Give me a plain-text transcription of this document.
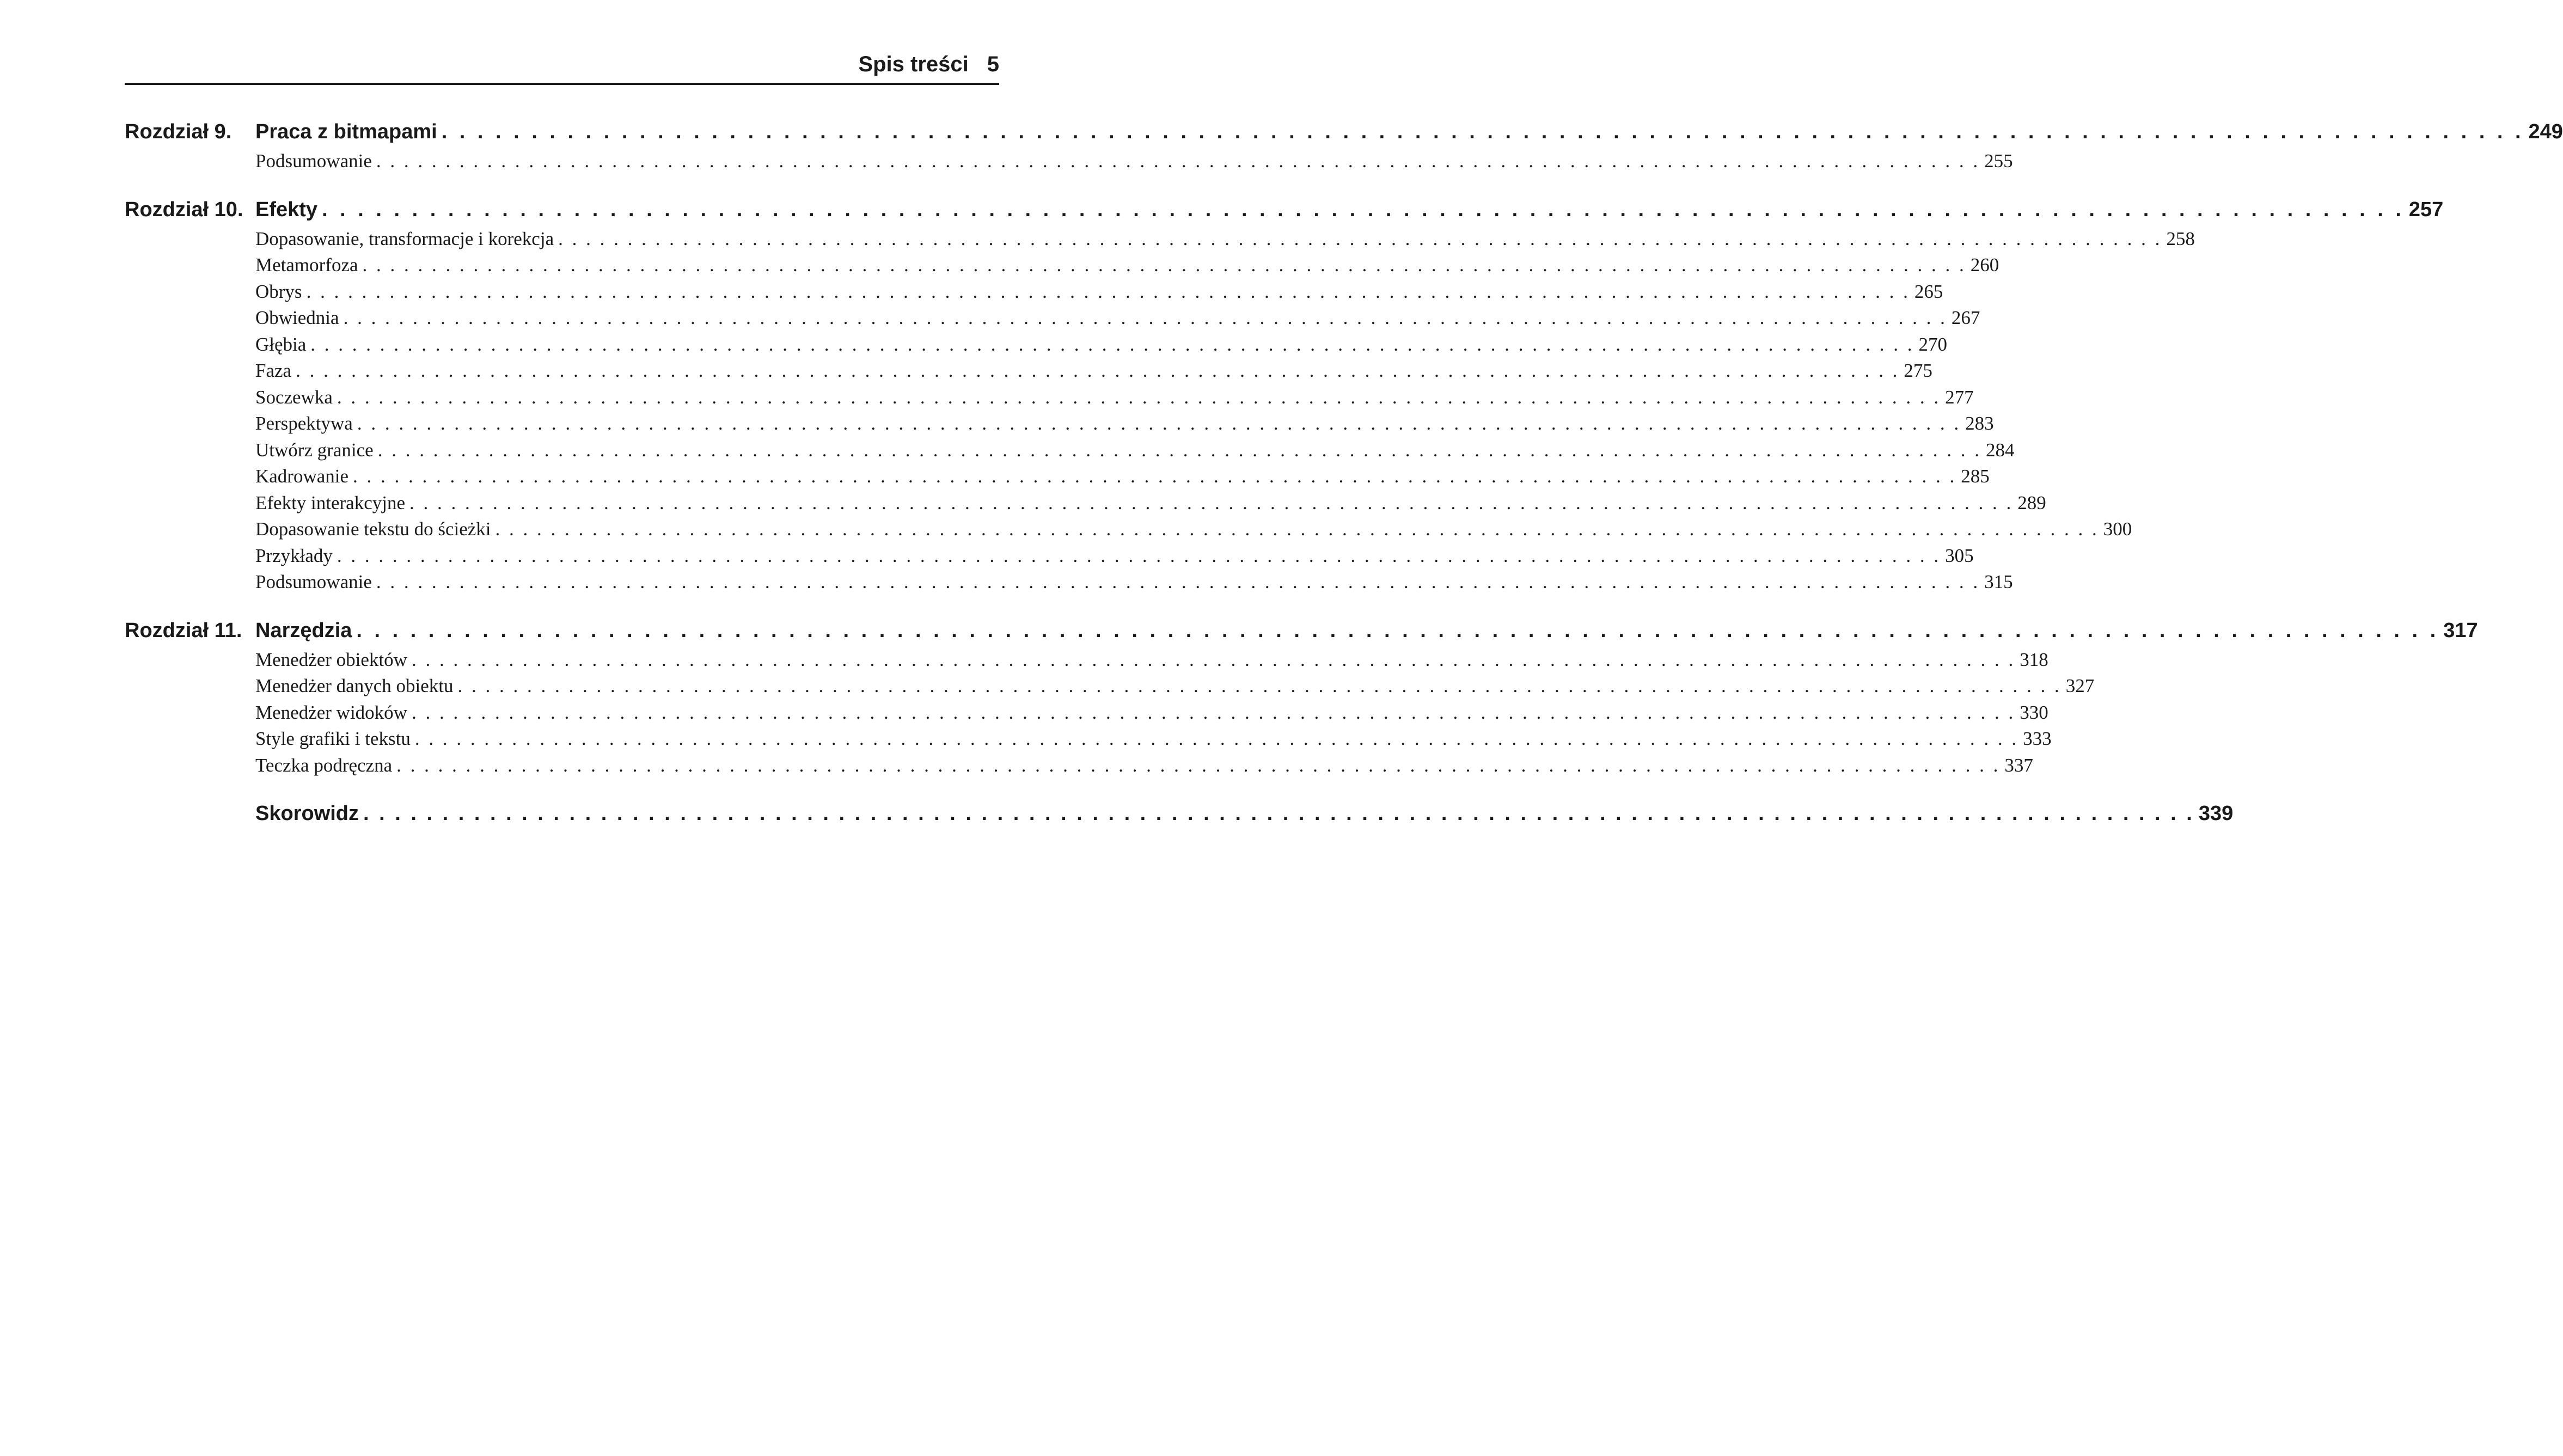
Spis treści 5
Rozdział 9.	Praca z bitmapami . . . . . . . . . . . . . . . . . . . . . . . . . . . . . . . . . . . . . . . . . . . . . . . . . . . . . . . . . . . . . . . . . . . . . . . . . . . . . . . . . . . . . . . . . . . . . . . . . . . . . . . . . . . . . . . . . . . . 249
Podsumowanie . . . . . . . . . . . . . . . . . . . . . . . . . . . . . . . . . . . . . . . . . . . . . . . . . . . . . . . . . . . . . . . . . . . . . . . . . . . . . . . . . . . . . . . . . . . . . . . . . . . . . . . . . . . . . . . . . . . . 255
Rozdział 10. Efekty . . . . . . . . . . . . . . . . . . . . . . . . . . . . . . . . . . . . . . . . . . . . . . . . . . . . . . . . . . . . . . . . . . . . . . . . . . . . . . . . . . . . . . . . . . . . . . . . . . . . . . . . . . . . . . . . . . . . 257
Dopasowanie, transformacje i korekcja . . . . . . . . . . . . . . . . . . . . . . . . . . . . . . . . . . . . . . . . . . . . . . . . . . . . . . . . . . . . . . . . . . . . . . . . . . . . . . . . . . . . . . . . . . . . . . . . . . . . . . . . . . . . . . . . . . . . 258
Metamorfoza . . . . . . . . . . . . . . . . . . . . . . . . . . . . . . . . . . . . . . . . . . . . . . . . . . . . . . . . . . . . . . . . . . . . . . . . . . . . . . . . . . . . . . . . . . . . . . . . . . . . . . . . . . . . . . . . . . . . 260
Obrys . . . . . . . . . . . . . . . . . . . . . . . . . . . . . . . . . . . . . . . . . . . . . . . . . . . . . . . . . . . . . . . . . . . . . . . . . . . . . . . . . . . . . . . . . . . . . . . . . . . . . . . . . . . . . . . . . . . . 265
Obwiednia . . . . . . . . . . . . . . . . . . . . . . . . . . . . . . . . . . . . . . . . . . . . . . . . . . . . . . . . . . . . . . . . . . . . . . . . . . . . . . . . . . . . . . . . . . . . . . . . . . . . . . . . . . . . . . . . . . . . 267
Głębia . . . . . . . . . . . . . . . . . . . . . . . . . . . . . . . . . . . . . . . . . . . . . . . . . . . . . . . . . . . . . . . . . . . . . . . . . . . . . . . . . . . . . . . . . . . . . . . . . . . . . . . . . . . . . . . . . . . . 270
Faza . . . . . . . . . . . . . . . . . . . . . . . . . . . . . . . . . . . . . . . . . . . . . . . . . . . . . . . . . . . . . . . . . . . . . . . . . . . . . . . . . . . . . . . . . . . . . . . . . . . . . . . . . . . . . . . . . . . . 275
Soczewka . . . . . . . . . . . . . . . . . . . . . . . . . . . . . . . . . . . . . . . . . . . . . . . . . . . . . . . . . . . . . . . . . . . . . . . . . . . . . . . . . . . . . . . . . . . . . . . . . . . . . . . . . . . . . . . . . . . . 277
Perspektywa . . . . . . . . . . . . . . . . . . . . . . . . . . . . . . . . . . . . . . . . . . . . . . . . . . . . . . . . . . . . . . . . . . . . . . . . . . . . . . . . . . . . . . . . . . . . . . . . . . . . . . . . . . . . . . . . . . . . 283
Utwórz granice . . . . . . . . . . . . . . . . . . . . . . . . . . . . . . . . . . . . . . . . . . . . . . . . . . . . . . . . . . . . . . . . . . . . . . . . . . . . . . . . . . . . . . . . . . . . . . . . . . . . . . . . . . . . . . . . . . . . 284
Kadrowanie . . . . . . . . . . . . . . . . . . . . . . . . . . . . . . . . . . . . . . . . . . . . . . . . . . . . . . . . . . . . . . . . . . . . . . . . . . . . . . . . . . . . . . . . . . . . . . . . . . . . . . . . . . . . . . . . . . . . 285
Efekty interakcyjne . . . . . . . . . . . . . . . . . . . . . . . . . . . . . . . . . . . . . . . . . . . . . . . . . . . . . . . . . . . . . . . . . . . . . . . . . . . . . . . . . . . . . . . . . . . . . . . . . . . . . . . . . . . . . . . . . . . . 289
Dopasowanie tekstu do ścieżki . . . . . . . . . . . . . . . . . . . . . . . . . . . . . . . . . . . . . . . . . . . . . . . . . . . . . . . . . . . . . . . . . . . . . . . . . . . . . . . . . . . . . . . . . . . . . . . . . . . . . . . . . . . . . . . . . . . . 300
Przykłady . . . . . . . . . . . . . . . . . . . . . . . . . . . . . . . . . . . . . . . . . . . . . . . . . . . . . . . . . . . . . . . . . . . . . . . . . . . . . . . . . . . . . . . . . . . . . . . . . . . . . . . . . . . . . . . . . . . . 305
Podsumowanie . . . . . . . . . . . . . . . . . . . . . . . . . . . . . . . . . . . . . . . . . . . . . . . . . . . . . . . . . . . . . . . . . . . . . . . . . . . . . . . . . . . . . . . . . . . . . . . . . . . . . . . . . . . . . . . . . . . . 315
Rozdział 11. Narzędzia . . . . . . . . . . . . . . . . . . . . . . . . . . . . . . . . . . . . . . . . . . . . . . . . . . . . . . . . . . . . . . . . . . . . . . . . . . . . . . . . . . . . . . . . . . . . . . . . . . . . . . . . . . . . . . . . . . . . 317
Menedżer obiektów . . . . . . . . . . . . . . . . . . . . . . . . . . . . . . . . . . . . . . . . . . . . . . . . . . . . . . . . . . . . . . . . . . . . . . . . . . . . . . . . . . . . . . . . . . . . . . . . . . . . . . . . . . . . . . . . . . . . 318
Menedżer danych obiektu . . . . . . . . . . . . . . . . . . . . . . . . . . . . . . . . . . . . . . . . . . . . . . . . . . . . . . . . . . . . . . . . . . . . . . . . . . . . . . . . . . . . . . . . . . . . . . . . . . . . . . . . . . . . . . . . . . . . 327
Menedżer widoków . . . . . . . . . . . . . . . . . . . . . . . . . . . . . . . . . . . . . . . . . . . . . . . . . . . . . . . . . . . . . . . . . . . . . . . . . . . . . . . . . . . . . . . . . . . . . . . . . . . . . . . . . . . . . . . . . . . . 330
Style grafiki i tekstu . . . . . . . . . . . . . . . . . . . . . . . . . . . . . . . . . . . . . . . . . . . . . . . . . . . . . . . . . . . . . . . . . . . . . . . . . . . . . . . . . . . . . . . . . . . . . . . . . . . . . . . . . . . . . . . . . . . . 333
Teczka podręczna . . . . . . . . . . . . . . . . . . . . . . . . . . . . . . . . . . . . . . . . . . . . . . . . . . . . . . . . . . . . . . . . . . . . . . . . . . . . . . . . . . . . . . . . . . . . . . . . . . . . . . . . . . . . . . . . . . . . 337
Skorowidz . . . . . . . . . . . . . . . . . . . . . . . . . . . . . . . . . . . . . . . . . . . . . . . . . . . . . . . . . . . . . . . . . . . . . . . . . . . . . . . . . . . . . . . . . . . . . . . . . . . . . . . . . . . . . . . . . . . . 339
